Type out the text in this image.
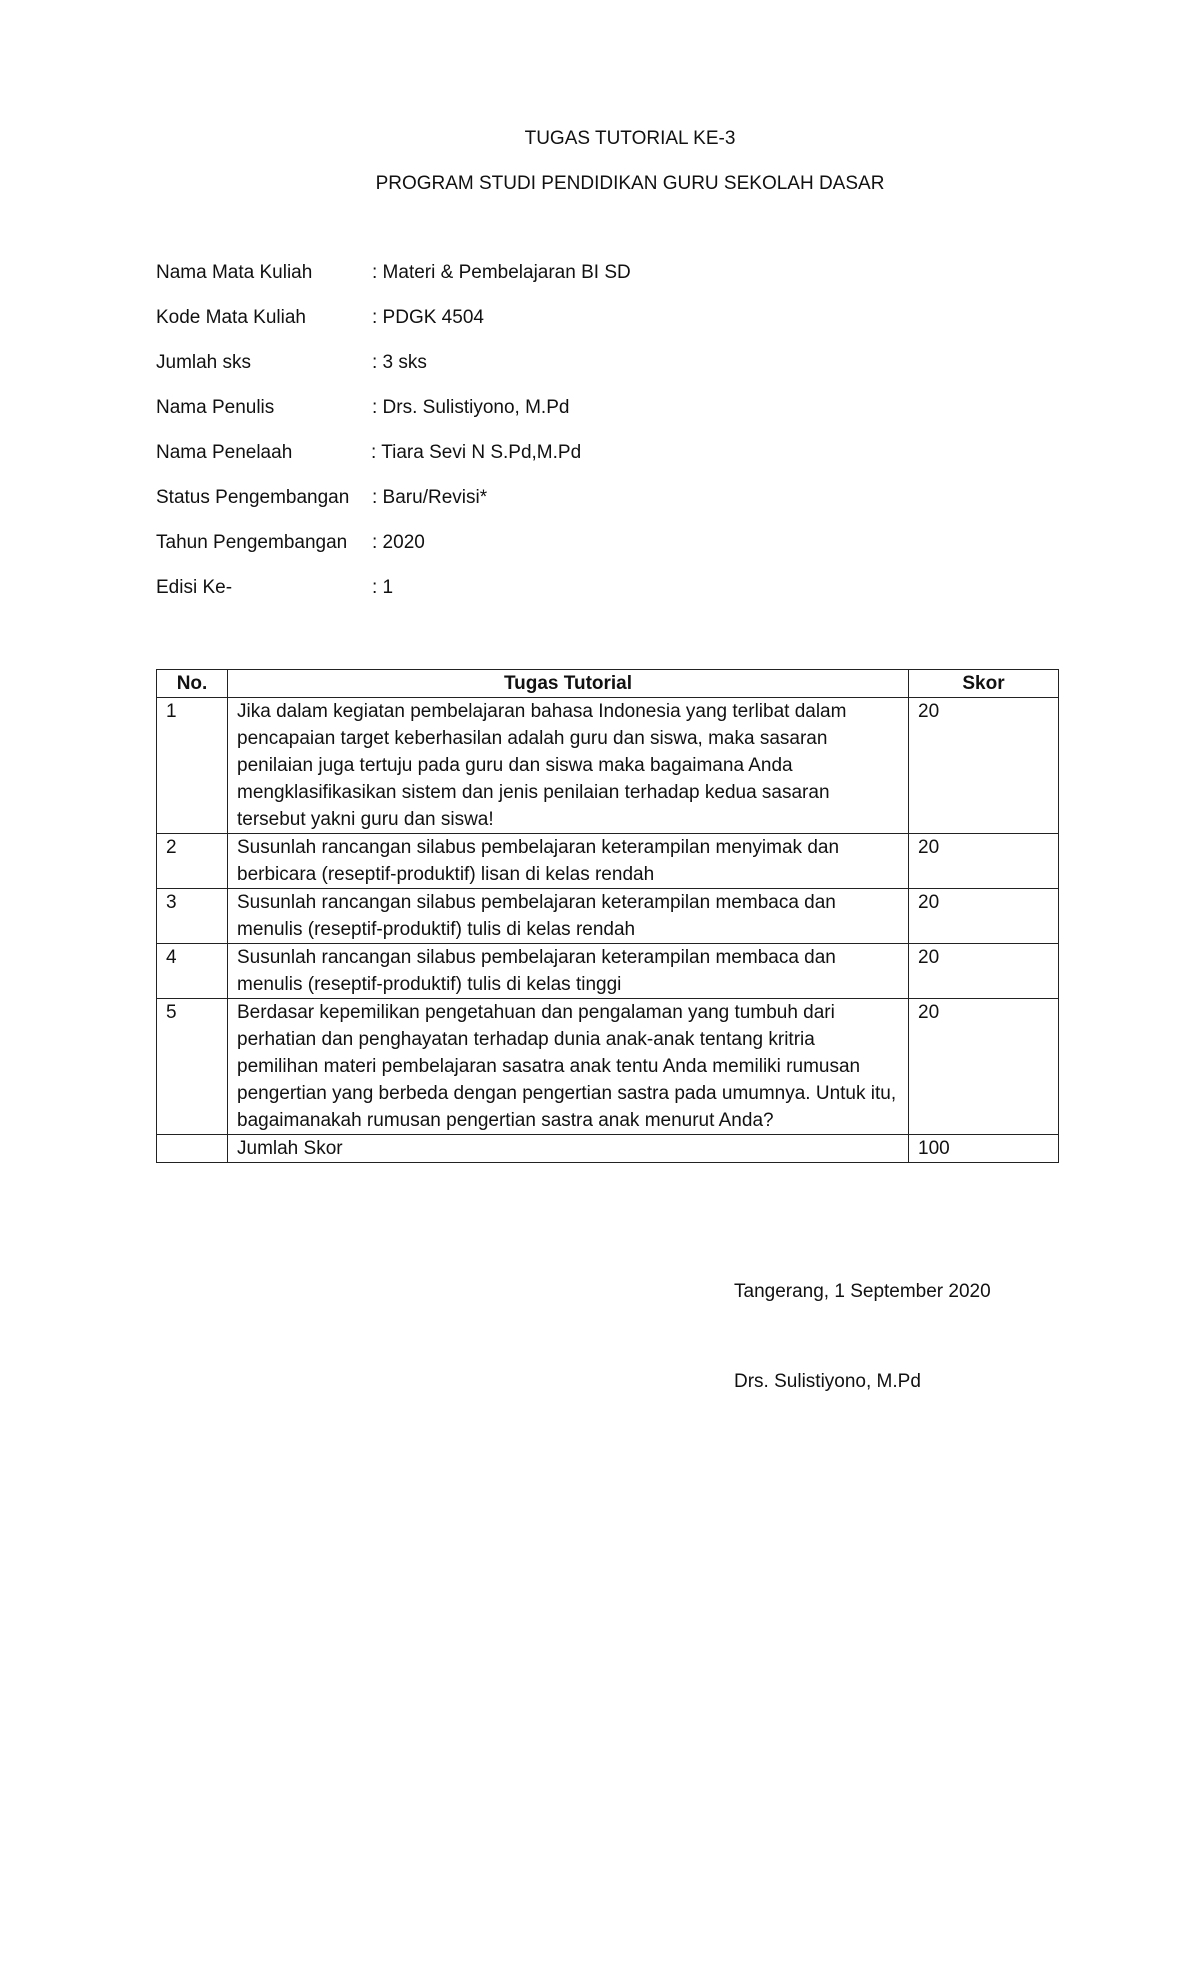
TUGAS TUTORIAL KE-3
PROGRAM STUDI PENDIDIKAN GURU SEKOLAH DASAR
Nama Mata Kuliah	: Materi & Pembelajaran BI SD
Kode Mata Kuliah	: PDGK 4504
Jumlah sks	: 3 sks
Nama Penulis	: Drs. Sulistiyono, M.Pd
Nama Penelaah	: Tiara Sevi N S.Pd,M.Pd
Status Pengembangan : Baru/Revisi*
Tahun Pengembangan : 2020
Edisi Ke-	: 1
No.	Tugas Tutorial	Skor
1	Jika dalam kegiatan pembelajaran bahasa Indonesia yang terlibat dalam pencapaian target keberhasilan adalah guru dan siswa, maka sasaran penilaian juga tertuju pada guru dan siswa maka bagaimana Anda mengklasifikasikan sistem dan jenis penilaian terhadap kedua sasaran tersebut yakni guru dan siswa!	20
2	Susunlah rancangan silabus pembelajaran keterampilan menyimak dan berbicara (reseptif-produktif) lisan di kelas rendah	20
3	Susunlah rancangan silabus pembelajaran keterampilan membaca dan menulis (reseptif-produktif) tulis di kelas rendah	20
4	Susunlah rancangan silabus pembelajaran keterampilan membaca dan menulis (reseptif-produktif) tulis di kelas tinggi	20
5	Berdasar kepemilikan pengetahuan dan pengalaman yang tumbuh dari perhatian dan penghayatan terhadap dunia anak-anak tentang kritria pemilihan materi pembelajaran sasatra anak tentu Anda memiliki rumusan pengertian yang berbeda dengan pengertian sastra pada umumnya. Untuk itu, bagaimanakah rumusan pengertian sastra anak menurut Anda?	20
	Jumlah Skor	100
Tangerang, 1 September 2020
Drs. Sulistiyono, M.Pd
